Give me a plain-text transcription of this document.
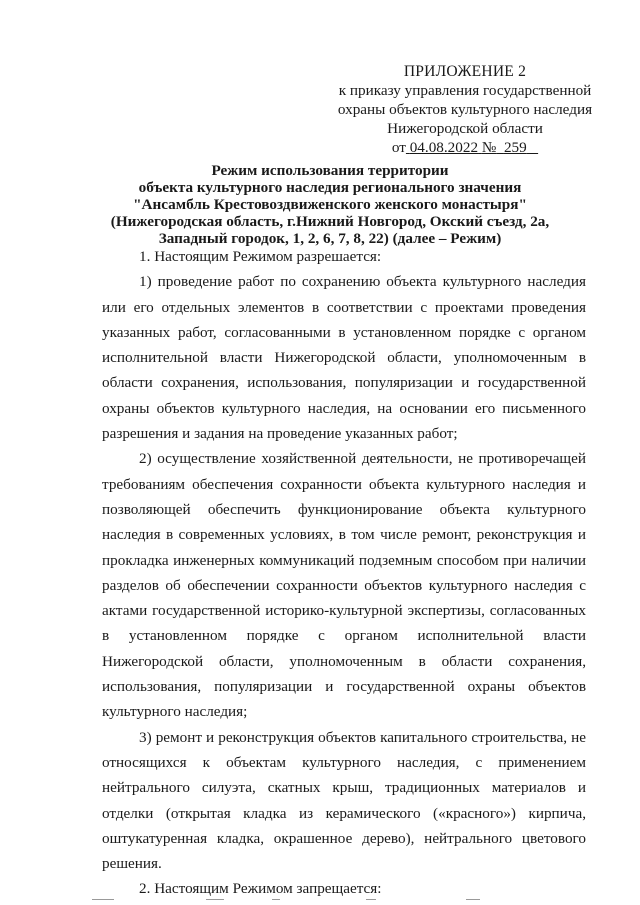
ПРИЛОЖЕНИЕ 2
к приказу управления государственной
охраны объектов культурного наследия
Нижегородской области
от 04.08.2022 № 259
Режим использования территории
объекта культурного наследия регионального значения
"Ансамбль Крестовоздвиженского женского монастыря"
(Нижегородская область, г.Нижний Новгород, Окский съезд, 2а,
Западный городок, 1, 2, 6, 7, 8, 22) (далее – Режим)

1. Настоящим Режимом разрешается:

1) проведение работ по сохранению объекта культурного наследия или его отдельных элементов в соответствии с проектами проведения указанных работ, согласованными в установленном порядке с органом исполнительной власти Нижегородской области, уполномоченным в области сохранения, использования, популяризации и государственной охраны объектов культурного наследия, на основании его письменного разрешения и задания на проведение указанных работ;

2) осуществление хозяйственной деятельности, не противоречащей требованиям обеспечения сохранности объекта культурного наследия и позволяющей обеспечить функционирование объекта культурного наследия в современных условиях, в том числе ремонт, реконструкция и прокладка инженерных коммуникаций подземным способом при наличии разделов об обеспечении сохранности объектов культурного наследия с актами государственной историко-культурной экспертизы, согласованных в установленном порядке с органом исполнительной власти Нижегородской области, уполномоченным в области сохранения, использования, популяризации и государственной охраны объектов культурного наследия;

3) ремонт и реконструкция объектов капитального строительства, не относящихся к объектам культурного наследия, с применением нейтрального силуэта, скатных крыш, традиционных материалов и отделки (открытая кладка из керамического («красного») кирпича, оштукатуренная кладка, окрашенное дерево), нейтрального цветового решения.

2. Настоящим Режимом запрещается:
